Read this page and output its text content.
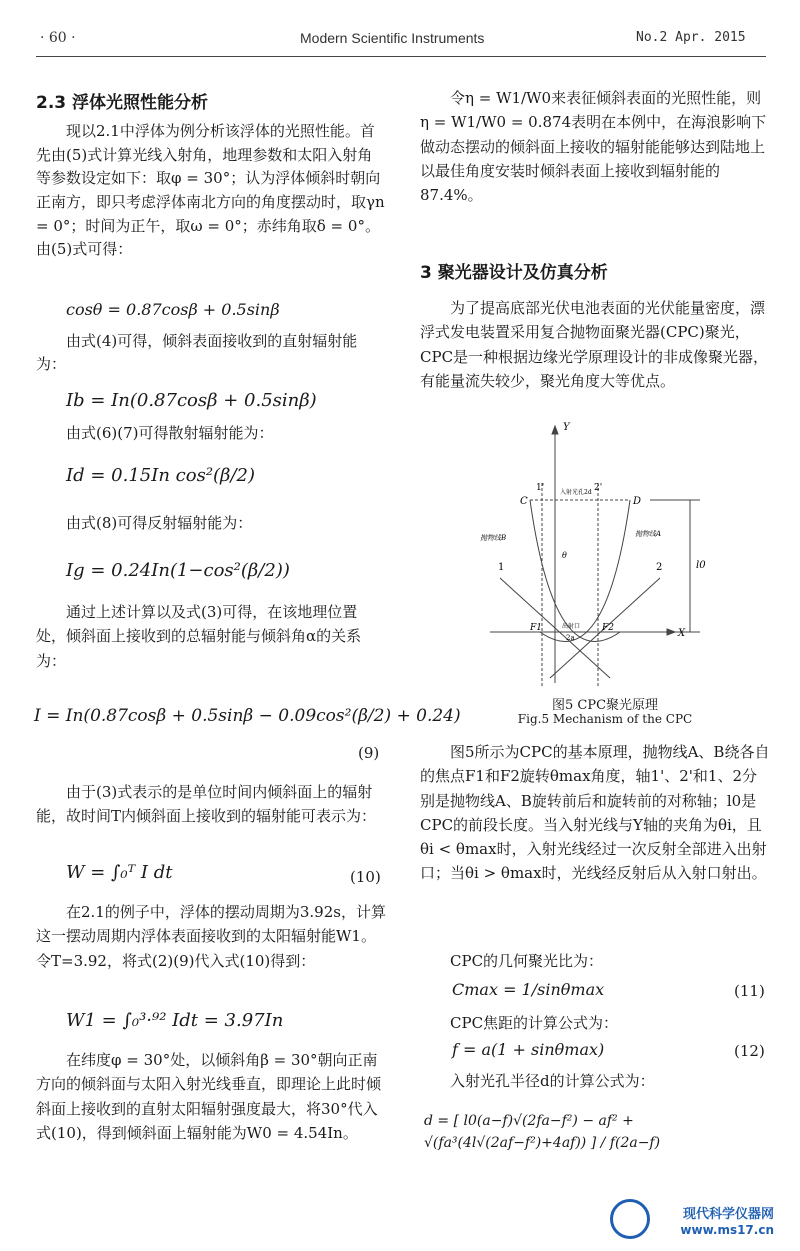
· 60 ·	Modern Scientific Instruments	No.2 Apr. 2015
2.3 浮体光照性能分析
现以2.1中浮体为例分析该浮体的光照性能。首先由(5)式计算光线入射角，地理参数和太阳入射角等参数设定如下：取φ = 30°；认为浮体倾斜时朝向正南方，即只考虑浮体南北方向的角度摆动时，取γn = 0°；时间为正午，取ω = 0°；赤纬角取δ = 0°。由(5)式可得：
cosθ = 0.87cosβ + 0.5sinβ
由式(4)可得，倾斜表面接收到的直射辐射能为：
Ib = In(0.87cosβ + 0.5sinβ)
由式(6)(7)可得散射辐射能为：
Id = 0.15In cos²(β/2)
由式(8)可得反射辐射能为：
Ig = 0.24In(1−cos²(β/2))
通过上述计算以及式(3)可得，在该地理位置处，倾斜面上接收到的总辐射能与倾斜角α的关系为：
I = In(0.87cosβ + 0.5sinβ − 0.09cos²(β/2) + 0.24)
(9)
由于(3)式表示的是单位时间内倾斜面上的辐射能，故时间T内倾斜面上接收到的辐射能可表示为：
W = ∫₀ᵀ I dt	(10)
在2.1的例子中，浮体的摆动周期为3.92s，计算这一摆动周期内浮体表面接收到的太阳辐射能W1。令T=3.92，将式(2)(9)代入式(10)得到：
W1 = ∫₀³·⁹² Idt = 3.97In
在纬度φ = 30°处，以倾斜角β = 30°朝向正南方向的倾斜面与太阳入射光线垂直，即理论上此时倾斜面上接收到的直射太阳辐射强度最大，将30°代入式(10)，得到倾斜面上辐射能为W0 = 4.54In。
令η = W1/W0来表征倾斜表面的光照性能，则η = W1/W0 = 0.874表明在本例中，在海浪影响下做动态摆动的倾斜面上接收的辐射能能够达到陆地上以最佳角度安装时倾斜表面上接收到辐射能的87.4%。
3 聚光器设计及仿真分析
为了提高底部光伏电池表面的光伏能量密度，漂浮式发电装置采用复合抛物面聚光器(CPC)聚光，CPC是一种根据边缘光学原理设计的非成像聚光器，有能量流失较少，聚光角度大等优点。
Y
X
C	D
F1	F2
1	2
1'	2'
抛物线A
抛物线B
入射光孔2d
出射口
2a
l0
θ
图5 CPC聚光原理
Fig.5 Mechanism of the CPC
图5所示为CPC的基本原理，抛物线A、B绕各自的焦点F1和F2旋转θmax角度，轴1'、2'和1、2分别是抛物线A、B旋转前后和旋转前的对称轴；l0是CPC的前段长度。当入射光线与Y轴的夹角为θi，且θi < θmax时，入射光线经过一次反射全部进入出射口；当θi > θmax时，光线经反射后从入射口射出。
CPC的几何聚光比为：
Cmax = 1/sinθmax	(11)
CPC焦距的计算公式为：
f = a(1 + sinθmax)	(12)
入射光孔半径d的计算公式为：
d = [ l0(a−f)√(2fa−f²) − af² + √(fa³(4l√(2af−f²)+4af)) ] / f(2a−f)
现代科学仪器网
www.ms17.cn
